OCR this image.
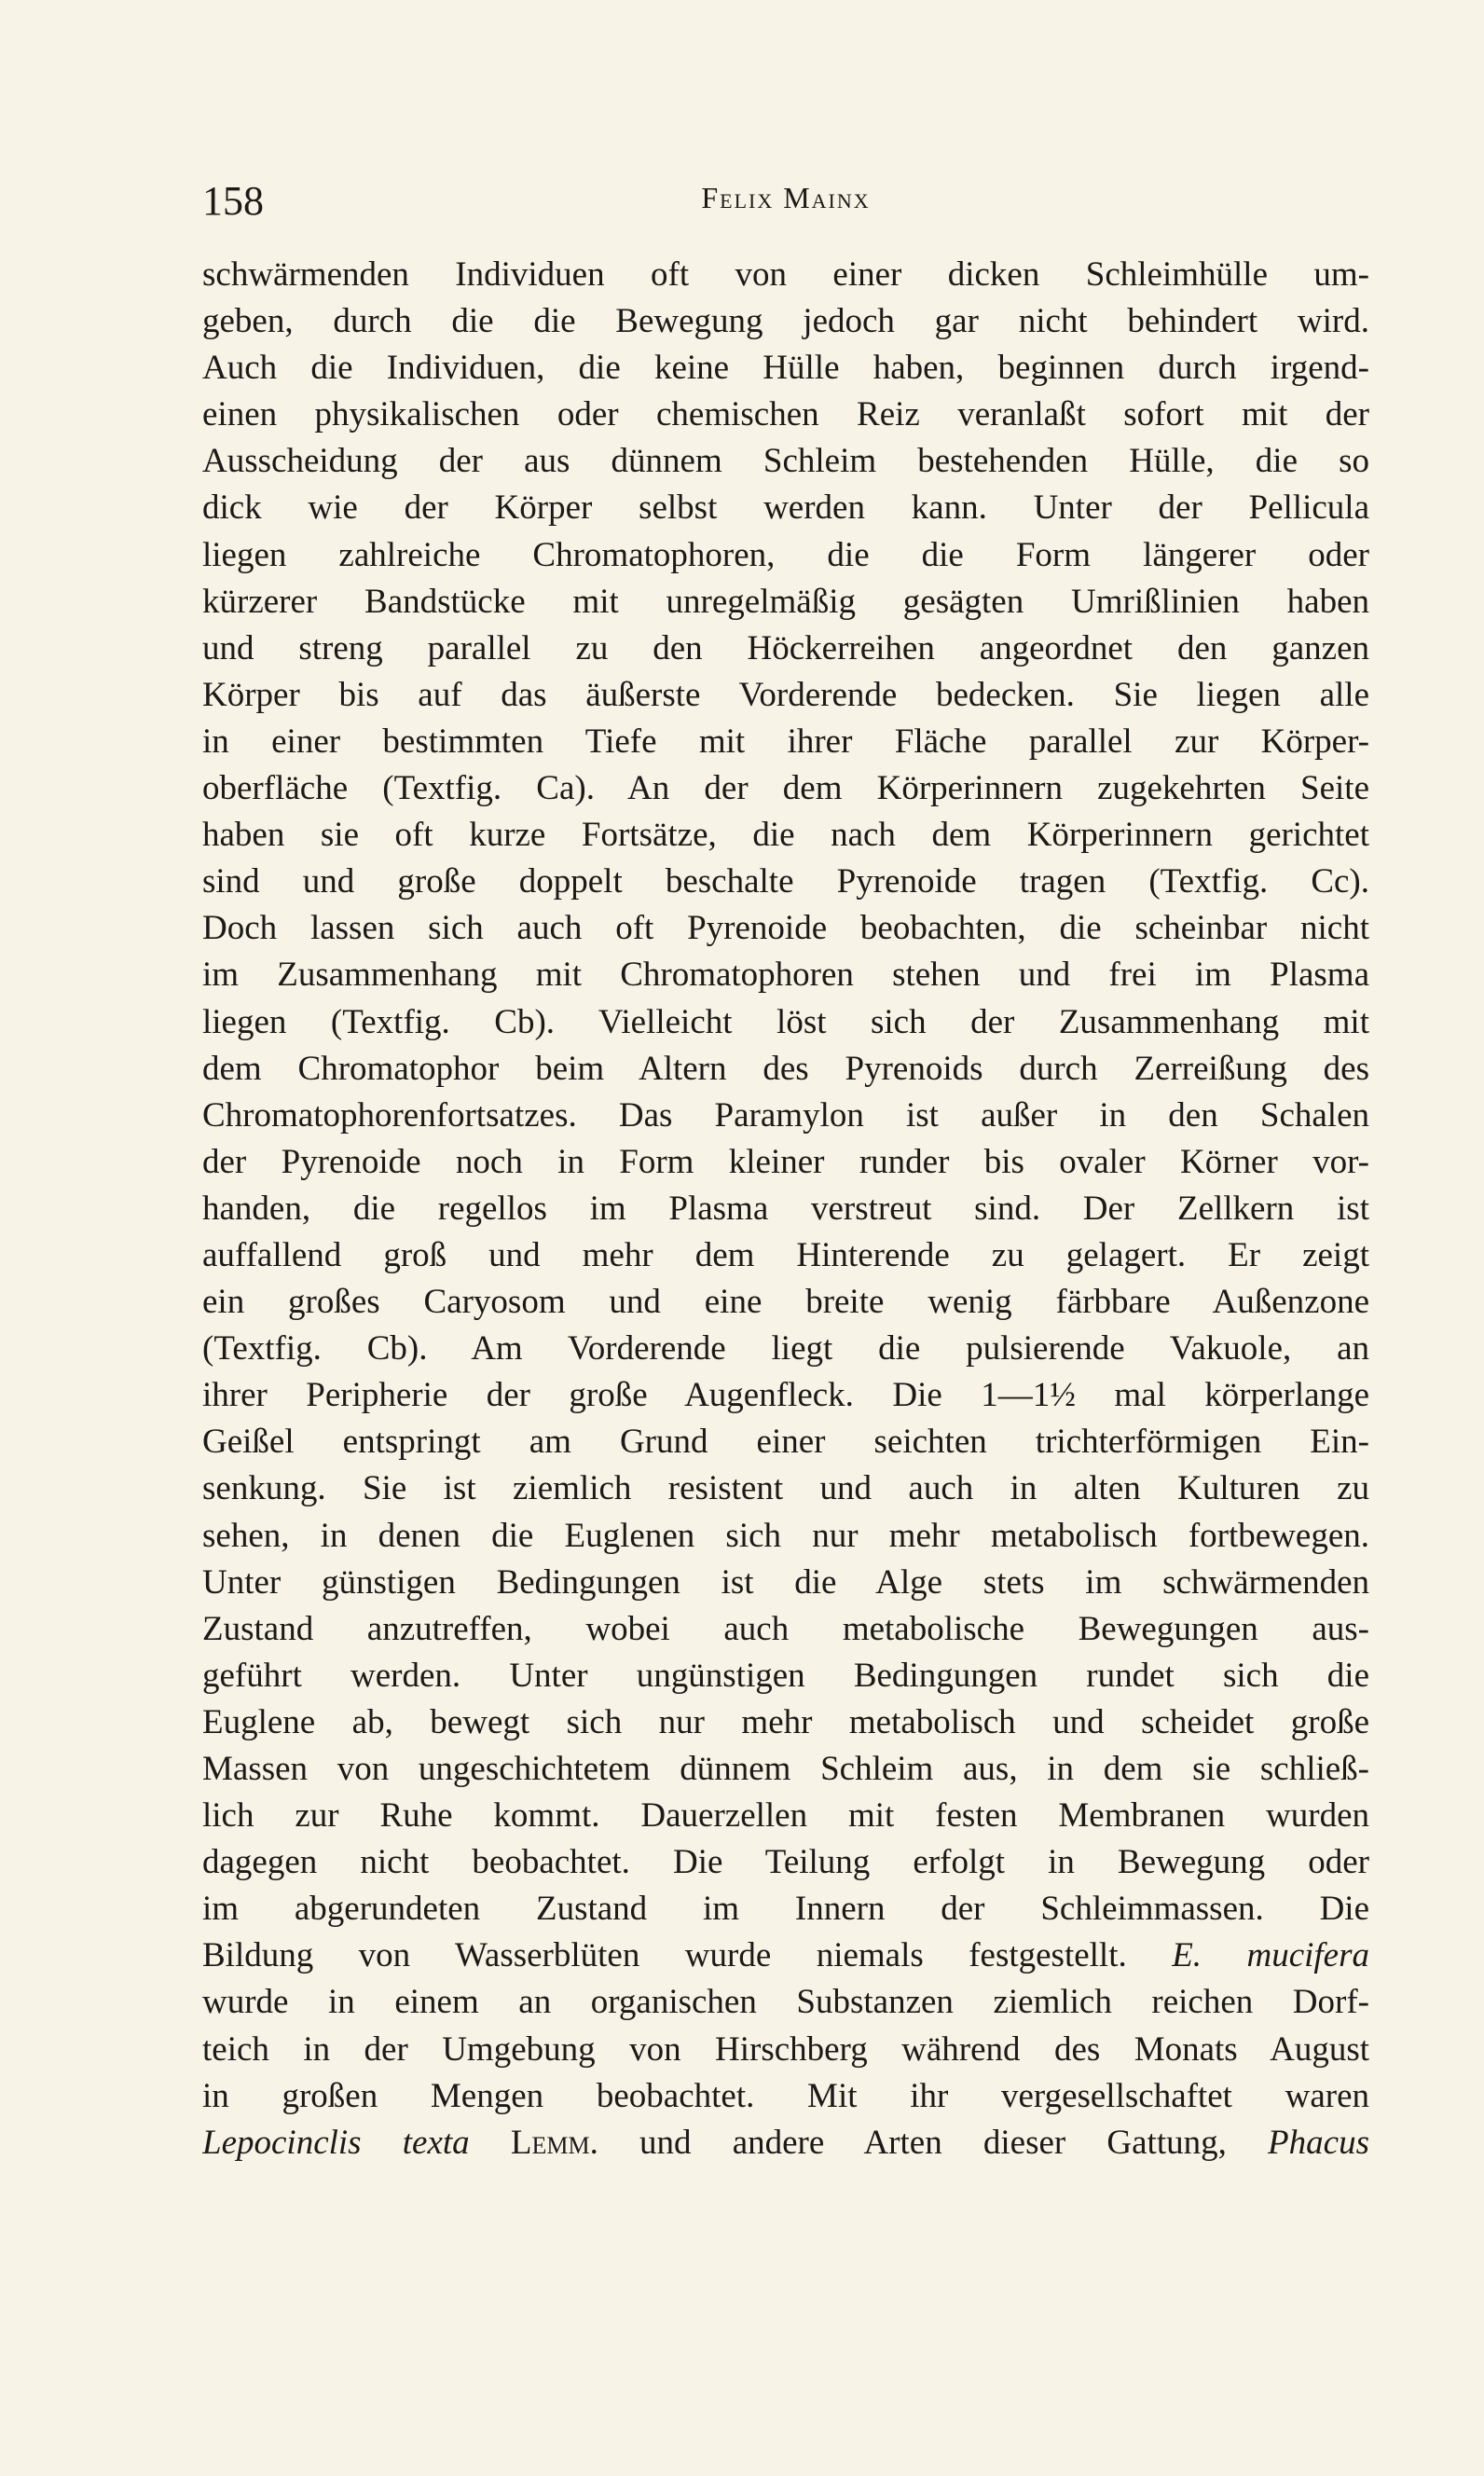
158	Felix Mainx
schwärmenden Individuen oft von einer dicken Schleimhülle um-
geben, durch die die Bewegung jedoch gar nicht behindert wird.
Auch die Individuen, die keine Hülle haben, beginnen durch irgend-
einen physikalischen oder chemischen Reiz veranlaßt sofort mit der
Ausscheidung der aus dünnem Schleim bestehenden Hülle, die so
dick wie der Körper selbst werden kann. Unter der Pellicula
liegen zahlreiche Chromatophoren, die die Form längerer oder
kürzerer Bandstücke mit unregelmäßig gesägten Umrißlinien haben
und streng parallel zu den Höckerreihen angeordnet den ganzen
Körper bis auf das äußerste Vorderende bedecken. Sie liegen alle
in einer bestimmten Tiefe mit ihrer Fläche parallel zur Körper-
oberfläche (Textfig. Ca). An der dem Körperinnern zugekehrten Seite
haben sie oft kurze Fortsätze, die nach dem Körperinnern gerichtet
sind und große doppelt beschalte Pyrenoide tragen (Textfig. Cc).
Doch lassen sich auch oft Pyrenoide beobachten, die scheinbar nicht
im Zusammenhang mit Chromatophoren stehen und frei im Plasma
liegen (Textfig. Cb). Vielleicht löst sich der Zusammenhang mit
dem Chromatophor beim Altern des Pyrenoids durch Zerreißung des
Chromatophorenfortsatzes. Das Paramylon ist außer in den Schalen
der Pyrenoide noch in Form kleiner runder bis ovaler Körner vor-
handen, die regellos im Plasma verstreut sind. Der Zellkern ist
auffallend groß und mehr dem Hinterende zu gelagert. Er zeigt
ein großes Caryosom und eine breite wenig färbbare Außenzone
(Textfig. Cb). Am Vorderende liegt die pulsierende Vakuole, an
ihrer Peripherie der große Augenfleck. Die 1—1½ mal körperlange
Geißel entspringt am Grund einer seichten trichterförmigen Ein-
senkung. Sie ist ziemlich resistent und auch in alten Kulturen zu
sehen, in denen die Euglenen sich nur mehr metabolisch fortbewegen.
Unter günstigen Bedingungen ist die Alge stets im schwärmenden
Zustand anzutreffen, wobei auch metabolische Bewegungen aus-
geführt werden. Unter ungünstigen Bedingungen rundet sich die
Euglene ab, bewegt sich nur mehr metabolisch und scheidet große
Massen von ungeschichtetem dünnem Schleim aus, in dem sie schließ-
lich zur Ruhe kommt. Dauerzellen mit festen Membranen wurden
dagegen nicht beobachtet. Die Teilung erfolgt in Bewegung oder
im abgerundeten Zustand im Innern der Schleimmassen. Die
Bildung von Wasserblüten wurde niemals festgestellt. E. mucifera
wurde in einem an organischen Substanzen ziemlich reichen Dorf-
teich in der Umgebung von Hirschberg während des Monats August
in großen Mengen beobachtet. Mit ihr vergesellschaftet waren
Lepocinclis texta Lemm. und andere Arten dieser Gattung, Phacus
